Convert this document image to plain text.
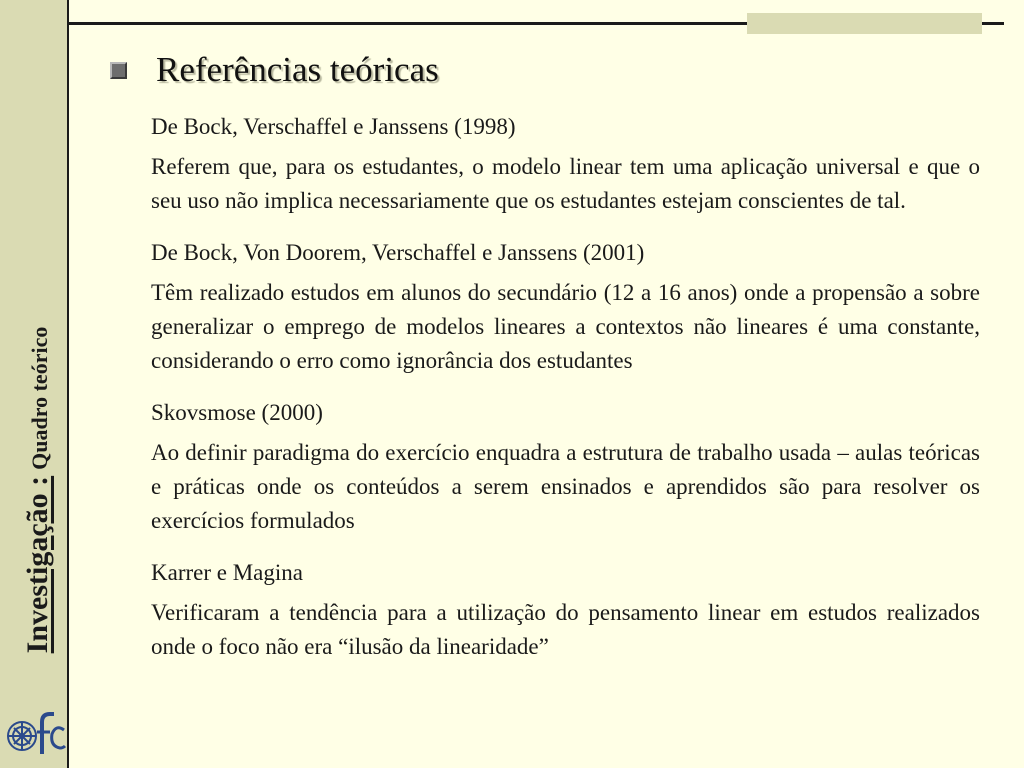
Investigação :Quadro teórico
Referências teóricas

De Bock, Verschaffel e Janssens (1998)

Referem que, para os estudantes, o modelo linear tem uma aplicação universal e que o seu uso não implica necessariamente que os estudantes estejam conscientes de tal.

De Bock, Von Doorem, Verschaffel e Janssens (2001)

Têm realizado estudos em alunos do secundário (12 a 16 anos) onde a propensão a sobre generalizar o emprego de modelos lineares a contextos não lineares é uma constante, considerando o erro como ignorância dos estudantes

Skovsmose (2000)

Ao definir paradigma do exercício enquadra a estrutura de trabalho usada – aulas teóricas e práticas onde os conteúdos a serem ensinados e aprendidos são para resolver os exercícios formulados

Karrer e Magina

Verificaram a tendência para a utilização do pensamento linear em estudos realizados onde o foco não era “ilusão da linearidade”
